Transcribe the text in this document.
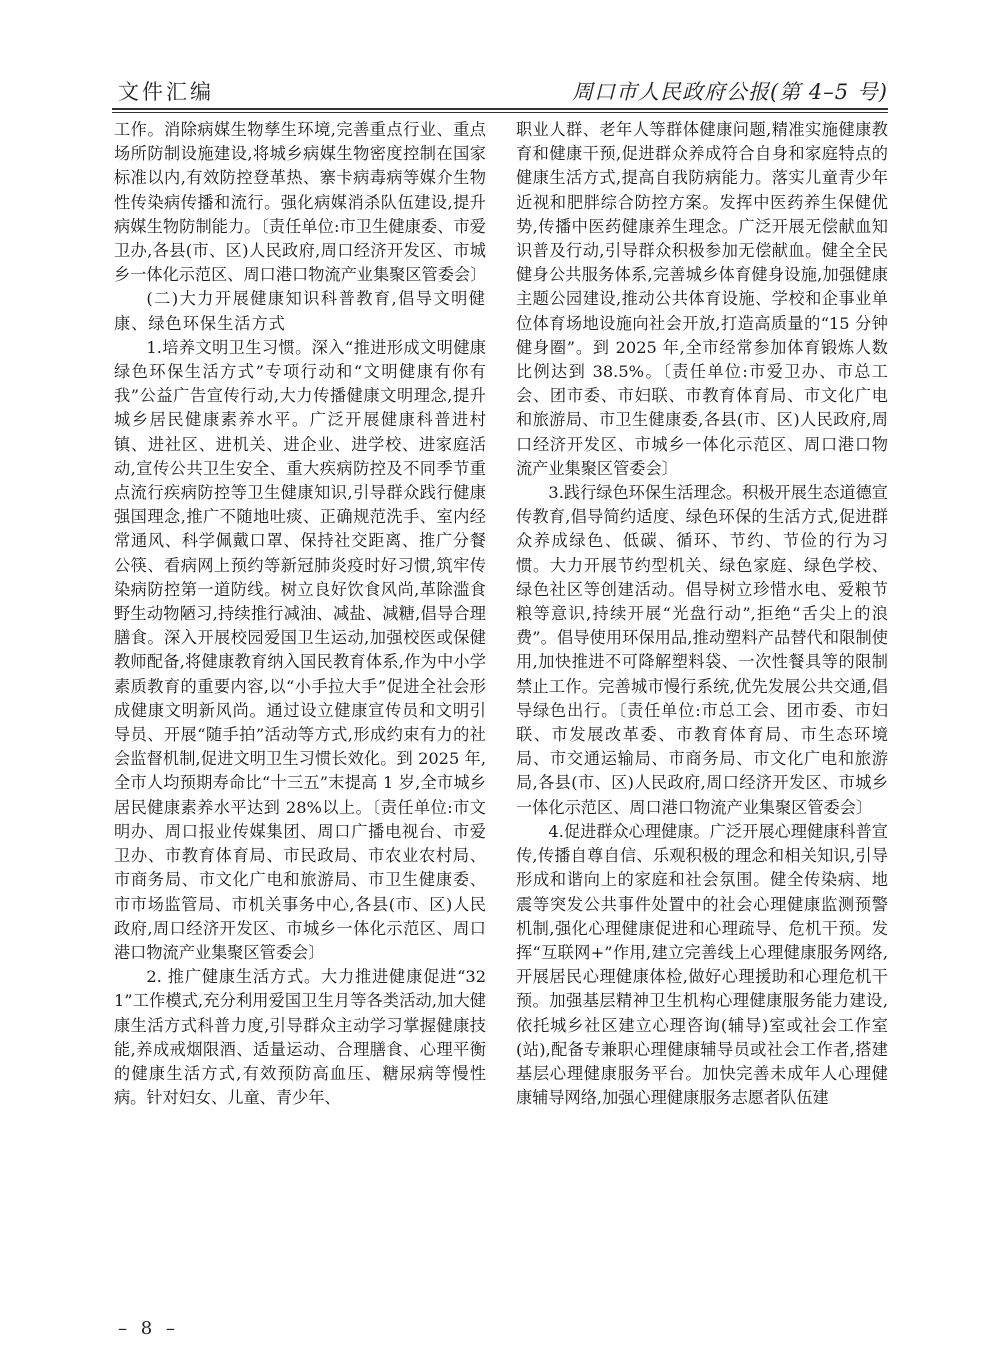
文件汇编	周口市人民政府公报(第 4–5 号)

工作。消除病媒生物孳生环境,完善重点行业、重点场所防制设施建设,将城乡病媒生物密度控制在国家标准以内,有效防控登革热、寨卡病毒病等媒介生物性传染病传播和流行。强化病媒消杀队伍建设,提升病媒生物防制能力。〔责任单位:市卫生健康委、市爱卫办,各县(市、区)人民政府,周口经济开发区、市城乡一体化示范区、周口港口物流产业集聚区管委会〕

(二)大力开展健康知识科普教育,倡导文明健康、绿色环保生活方式

1.培养文明卫生习惯。深入“推进形成文明健康绿色环保生活方式”专项行动和“文明健康有你有我”公益广告宣传行动,大力传播健康文明理念,提升城乡居民健康素养水平。广泛开展健康科普进村镇、进社区、进机关、进企业、进学校、进家庭活动,宣传公共卫生安全、重大疾病防控及不同季节重点流行疾病防控等卫生健康知识,引导群众践行健康强国理念,推广不随地吐痰、正确规范洗手、室内经常通风、科学佩戴口罩、保持社交距离、推广分餐公筷、看病网上预约等新冠肺炎疫时好习惯,筑牢传染病防控第一道防线。树立良好饮食风尚,革除滥食野生动物陋习,持续推行减油、减盐、减糖,倡导合理膳食。深入开展校园爱国卫生运动,加强校医或保健教师配备,将健康教育纳入国民教育体系,作为中小学素质教育的重要内容,以“小手拉大手”促进全社会形成健康文明新风尚。通过设立健康宣传员和文明引导员、开展“随手拍”活动等方式,形成约束有力的社会监督机制,促进文明卫生习惯长效化。到 2025 年,全市人均预期寿命比“十三五”末提高 1 岁,全市城乡居民健康素养水平达到 28%以上。〔责任单位:市文明办、周口报业传媒集团、周口广播电视台、市爱卫办、市教育体育局、市民政局、市农业农村局、市商务局、市文化广电和旅游局、市卫生健康委、市市场监管局、市机关事务中心,各县(市、区)人民政府,周口经济开发区、市城乡一体化示范区、周口港口物流产业集聚区管委会〕

2. 推广健康生活方式。大力推进健康促进“321”工作模式,充分利用爱国卫生月等各类活动,加大健康生活方式科普力度,引导群众主动学习掌握健康技能,养成戒烟限酒、适量运动、合理膳食、心理平衡的健康生活方式,有效预防高血压、糖尿病等慢性病。针对妇女、儿童、青少年、

职业人群、老年人等群体健康问题,精准实施健康教育和健康干预,促进群众养成符合自身和家庭特点的健康生活方式,提高自我防病能力。落实儿童青少年近视和肥胖综合防控方案。发挥中医药养生保健优势,传播中医药健康养生理念。广泛开展无偿献血知识普及行动,引导群众积极参加无偿献血。健全全民健身公共服务体系,完善城乡体育健身设施,加强健康主题公园建设,推动公共体育设施、学校和企事业单位体育场地设施向社会开放,打造高质量的“15 分钟健身圈”。到 2025 年,全市经常参加体育锻炼人数比例达到 38.5%。〔责任单位:市爱卫办、市总工会、团市委、市妇联、市教育体育局、市文化广电和旅游局、市卫生健康委,各县(市、区)人民政府,周口经济开发区、市城乡一体化示范区、周口港口物流产业集聚区管委会〕

3.践行绿色环保生活理念。积极开展生态道德宣传教育,倡导简约适度、绿色环保的生活方式,促进群众养成绿色、低碳、循环、节约、节俭的行为习惯。大力开展节约型机关、绿色家庭、绿色学校、绿色社区等创建活动。倡导树立珍惜水电、爱粮节粮等意识,持续开展“光盘行动”,拒绝“舌尖上的浪费”。倡导使用环保用品,推动塑料产品替代和限制使用,加快推进不可降解塑料袋、一次性餐具等的限制禁止工作。完善城市慢行系统,优先发展公共交通,倡导绿色出行。〔责任单位:市总工会、团市委、市妇联、市发展改革委、市教育体育局、市生态环境局、市交通运输局、市商务局、市文化广电和旅游局,各县(市、区)人民政府,周口经济开发区、市城乡一体化示范区、周口港口物流产业集聚区管委会〕

4.促进群众心理健康。广泛开展心理健康科普宣传,传播自尊自信、乐观积极的理念和相关知识,引导形成和谐向上的家庭和社会氛围。健全传染病、地震等突发公共事件处置中的社会心理健康监测预警机制,强化心理健康促进和心理疏导、危机干预。发挥“互联网+”作用,建立完善线上心理健康服务网络,开展居民心理健康体检,做好心理援助和心理危机干预。加强基层精神卫生机构心理健康服务能力建设,依托城乡社区建立心理咨询(辅导)室或社会工作室(站),配备专兼职心理健康辅导员或社会工作者,搭建基层心理健康服务平台。加快完善未成年人心理健康辅导网络,加强心理健康服务志愿者队伍建

– 8 –
